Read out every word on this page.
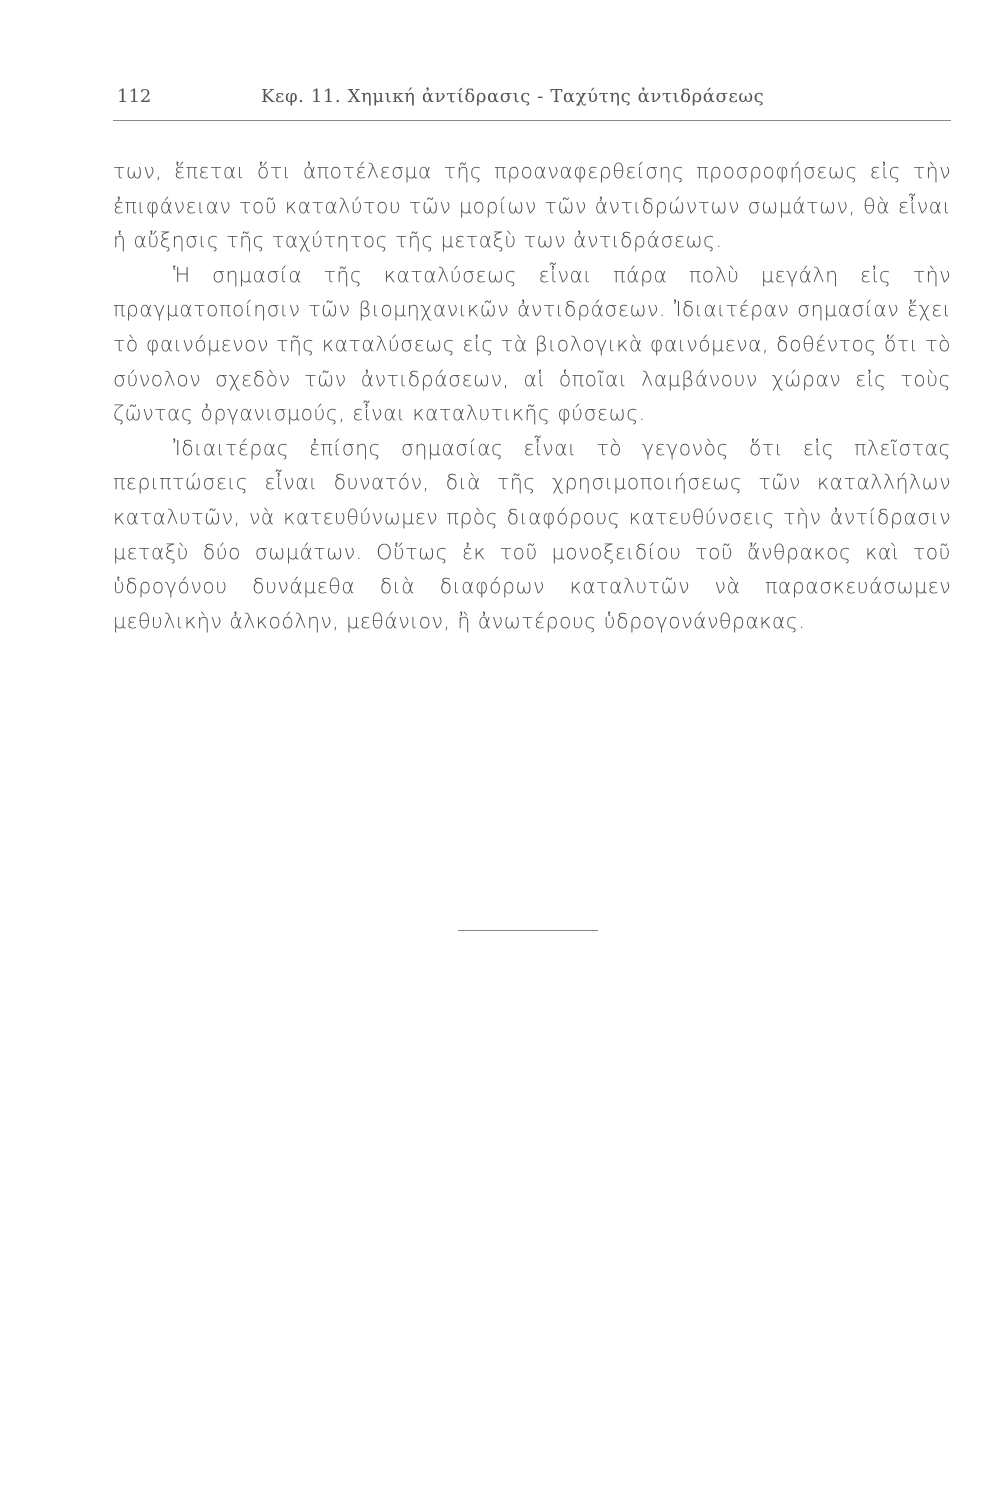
112	Κεφ. 11. Χημική ἀντίδρασις - Ταχύτης ἀντιδράσεως

των, ἕπεται ὅτι ἀποτέλεσμα τῆς προαναφερθείσης προσροφήσεως εἰς τὴν ἐπιφάνειαν τοῦ καταλύτου τῶν μορίων τῶν ἀντιδρώντων σωμάτων, θὰ εἶναι ἡ αὔξησις τῆς ταχύτητος τῆς μεταξὺ των ἀντιδράσεως.

Ἡ σημασία τῆς καταλύσεως εἶναι πάρα πολὺ μεγάλη εἰς τὴν πραγματοποίησιν τῶν βιομηχανικῶν ἀντιδράσεων. Ἰδιαιτέραν σημασίαν ἔχει τὸ φαινόμενον τῆς καταλύσεως εἰς τὰ βιολογικὰ φαινόμενα, δοθέντος ὅτι τὸ σύνολον σχεδὸν τῶν ἀντιδράσεων, αἱ ὁποῖαι λαμβάνουν χώραν εἰς τοὺς ζῶντας ὀργανισμούς, εἶναι καταλυτικῆς φύσεως.

Ἰδιαιτέρας ἐπίσης σημασίας εἶναι τὸ γεγονὸς ὅτι εἰς πλεῖστας περιπτώσεις εἶναι δυνατόν, διὰ τῆς χρησιμοποιήσεως τῶν καταλλήλων καταλυτῶν, νὰ κατευθύνωμεν πρὸς διαφόρους κατευθύνσεις τὴν ἀντίδρασιν μεταξὺ δύο σωμάτων. Οὕτως ἐκ τοῦ μονοξειδίου τοῦ ἄνθρακος καὶ τοῦ ὑδρογόνου δυνάμεθα διὰ διαφόρων καταλυτῶν νὰ παρασκευάσωμεν μεθυλικὴν ἀλκοόλην, μεθάνιον, ἢ ἀνωτέρους ὑδρογονάνθρακας.
